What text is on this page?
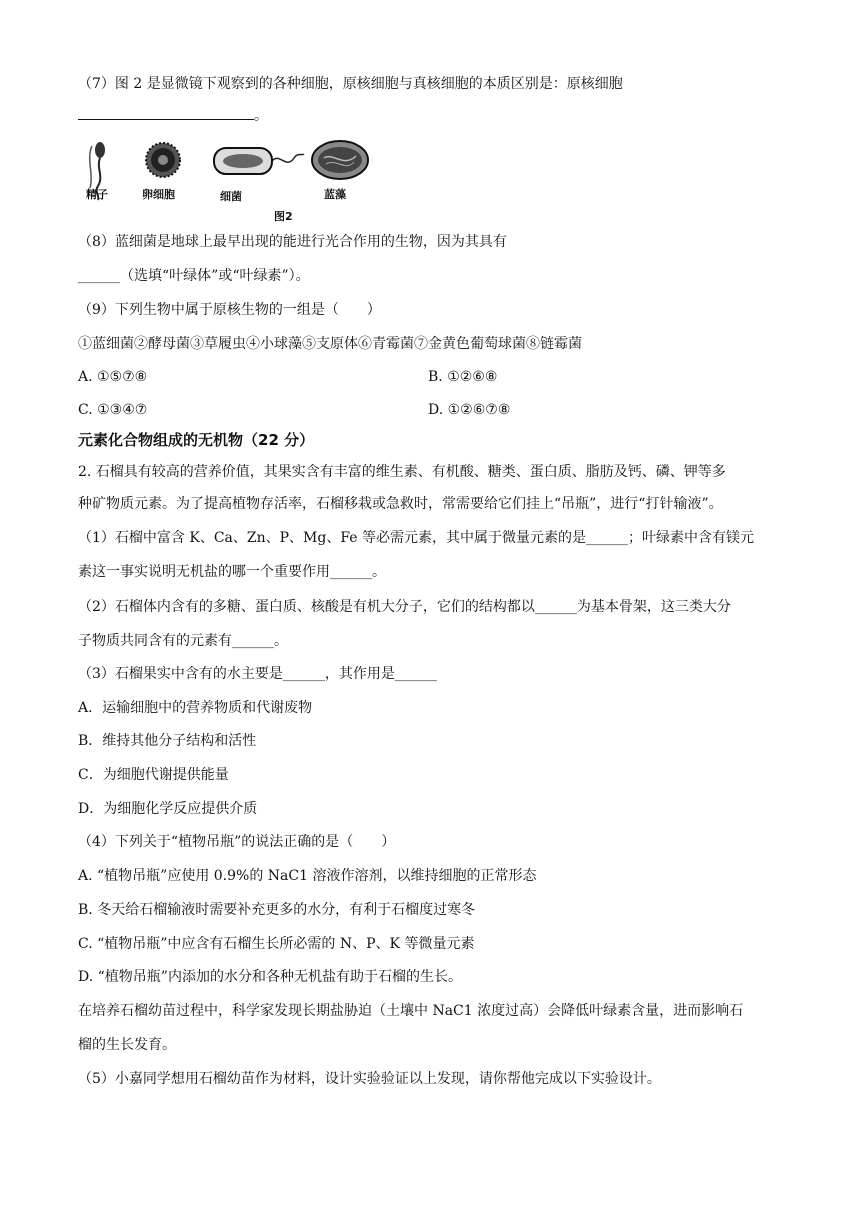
（7）图 2 是显微镜下观察到的各种细胞，原核细胞与真核细胞的本质区别是：原核细胞
。
精子	卵细胞	细菌	蓝藻
图2
（8）蓝细菌是地球上最早出现的能进行光合作用的生物，因为其具有
______（选填“叶绿体”或“叶绿素”）。
（9）下列生物中属于原核生物的一组是（　　）
①蓝细菌②酵母菌③草履虫④小球藻⑤支原体⑥青霉菌⑦金黄色葡萄球菌⑧链霉菌
A. ①⑤⑦⑧	B. ①②⑥⑧
C. ①③④⑦	D. ①②⑥⑦⑧
元素化合物组成的无机物（22 分）
2. 石榴具有较高的营养价值，其果实含有丰富的维生素、有机酸、糖类、蛋白质、脂肪及钙、磷、钾等多
种矿物质元素。为了提高植物存活率，石榴移栽或急救时，常需要给它们挂上“吊瓶”，进行“打针输液”。
（1）石榴中富含 K、Ca、Zn、P、Mg、Fe 等必需元素，其中属于微量元素的是______；叶绿素中含有镁元
素这一事实说明无机盐的哪一个重要作用______。
（2）石榴体内含有的多糖、蛋白质、核酸是有机大分子，它们的结构都以______为基本骨架，这三类大分
子物质共同含有的元素有______。
（3）石榴果实中含有的水主要是______，其作用是______
A．运输细胞中的营养物质和代谢废物
B．维持其他分子结构和活性
C．为细胞代谢提供能量
D．为细胞化学反应提供介质
（4）下列关于“植物吊瓶”的说法正确的是（　　）
A. “植物吊瓶”应使用 0.9%的 NaC1 溶液作溶剂，以维持细胞的正常形态
B. 冬天给石榴输液时需要补充更多的水分，有利于石榴度过寒冬
C. “植物吊瓶”中应含有石榴生长所必需的 N、P、K 等微量元素
D. “植物吊瓶”内添加的水分和各种无机盐有助于石榴的生长。
在培养石榴幼苗过程中，科学家发现长期盐胁迫（土壤中 NaC1 浓度过高）会降低叶绿素含量，进而影响石
榴的生长发育。
（5）小嘉同学想用石榴幼苗作为材料，设计实验验证以上发现，请你帮他完成以下实验设计。
